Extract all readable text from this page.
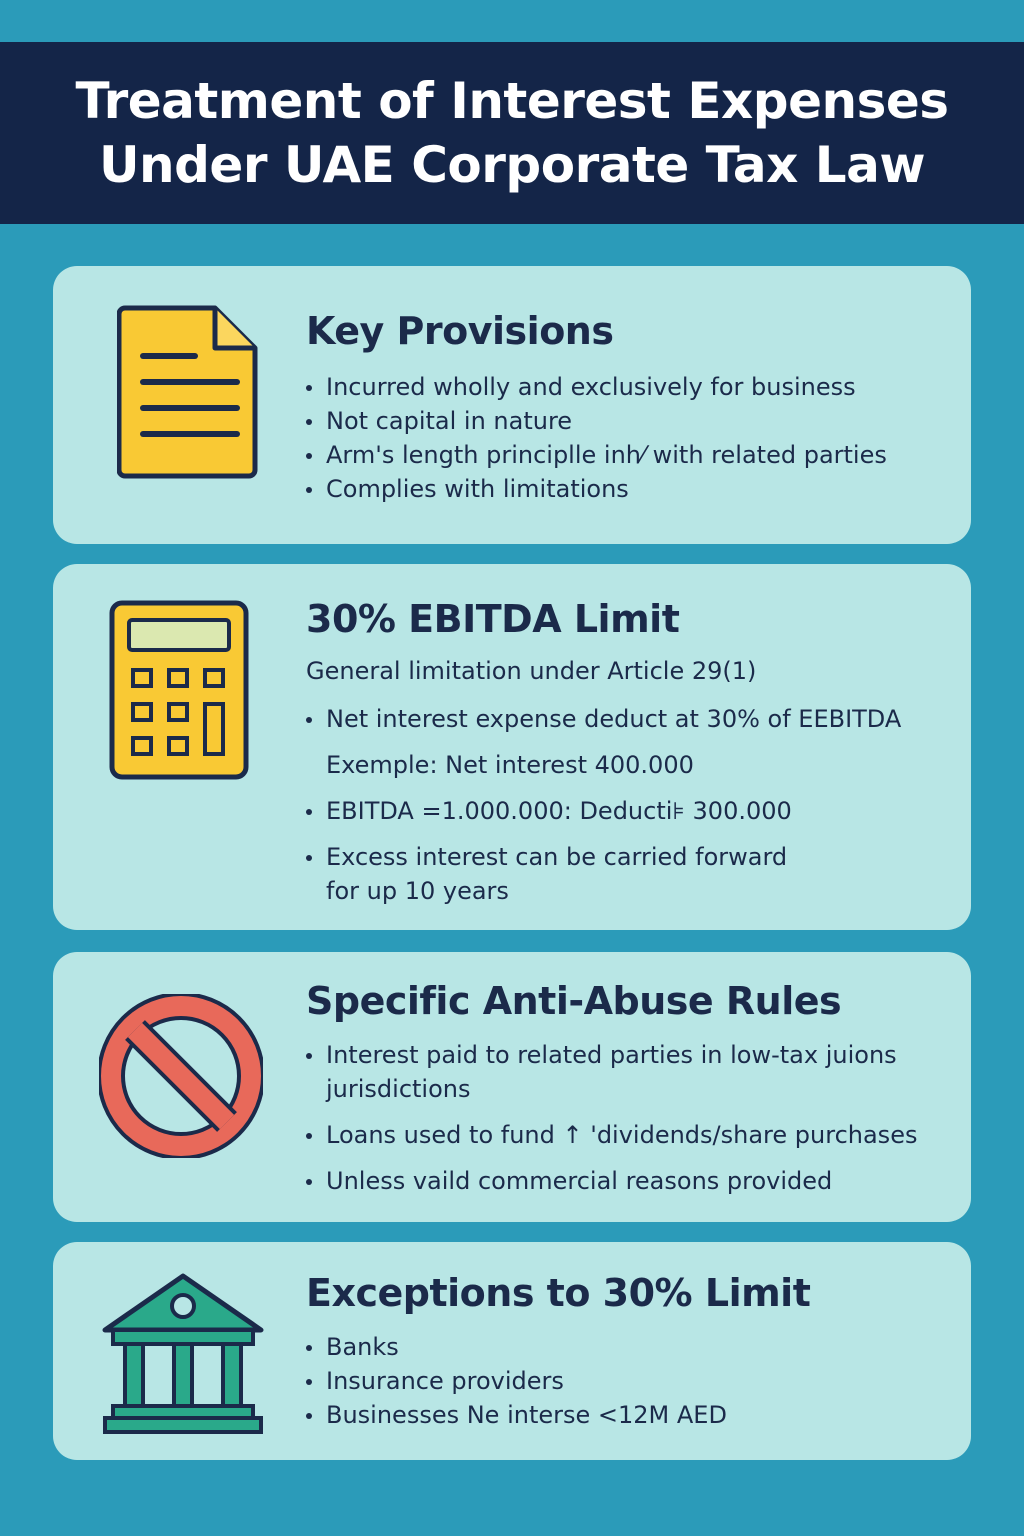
Treatment of Interest Expenses
Under UAE Corporate Tax Law
Key Provisions
Incurred wholly and exclusively for business
Not capital in nature
Arm's length principlle inh⁄ with related parties
Complies with limitations
30% EBITDA Limit
General limitation under Article 29(1)
Net interest expense deduct at 30% of EEBITDA
Exemple: Net interest 400.000
EBITDA =1.000.000: Deducti⊧ 300.000
Excess interest can be carried forward
for up 10 years
Specific Anti-Abuse Rules
Interest paid to related parties in low-tax juions
jurisdictions
Loans used to fund ↑ 'dividends/share purchases
Unless vaild commercial reasons provided
Exceptions to 30% Limit
Banks
Insurance providers
Businesses Ne interse <12M AED
